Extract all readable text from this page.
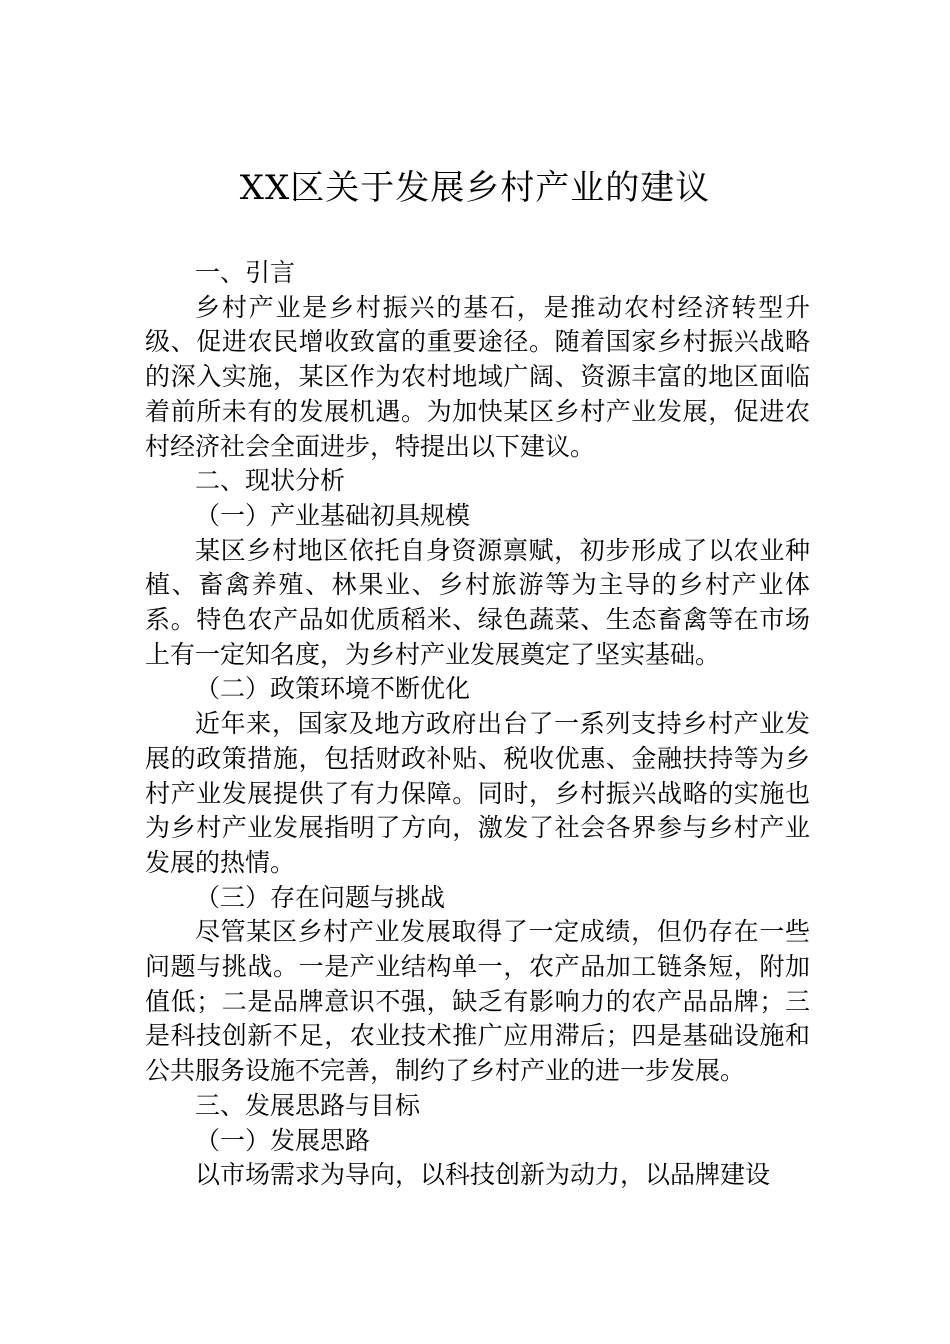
XX区关于发展乡村产业的建议

一、引言

乡村产业是乡村振兴的基石，是推动农村经济转型升级、促进农民增收致富的重要途径。随着国家乡村振兴战略的深入实施，某区作为农村地域广阔、资源丰富的地区面临着前所未有的发展机遇。为加快某区乡村产业发展，促进农村经济社会全面进步，特提出以下建议。

二、现状分析

（一）产业基础初具规模

某区乡村地区依托自身资源禀赋，初步形成了以农业种植、畜禽养殖、林果业、乡村旅游等为主导的乡村产业体系。特色农产品如优质稻米、绿色蔬菜、生态畜禽等在市场上有一定知名度，为乡村产业发展奠定了坚实基础。

（二）政策环境不断优化

近年来，国家及地方政府出台了一系列支持乡村产业发展的政策措施，包括财政补贴、税收优惠、金融扶持等为乡村产业发展提供了有力保障。同时，乡村振兴战略的实施也为乡村产业发展指明了方向，激发了社会各界参与乡村产业发展的热情。

（三）存在问题与挑战

尽管某区乡村产业发展取得了一定成绩，但仍存在一些问题与挑战。一是产业结构单一，农产品加工链条短，附加值低；二是品牌意识不强，缺乏有影响力的农产品品牌；三是科技创新不足，农业技术推广应用滞后；四是基础设施和公共服务设施不完善，制约了乡村产业的进一步发展。

三、发展思路与目标

（一）发展思路

以市场需求为导向，以科技创新为动力，以品牌建设
